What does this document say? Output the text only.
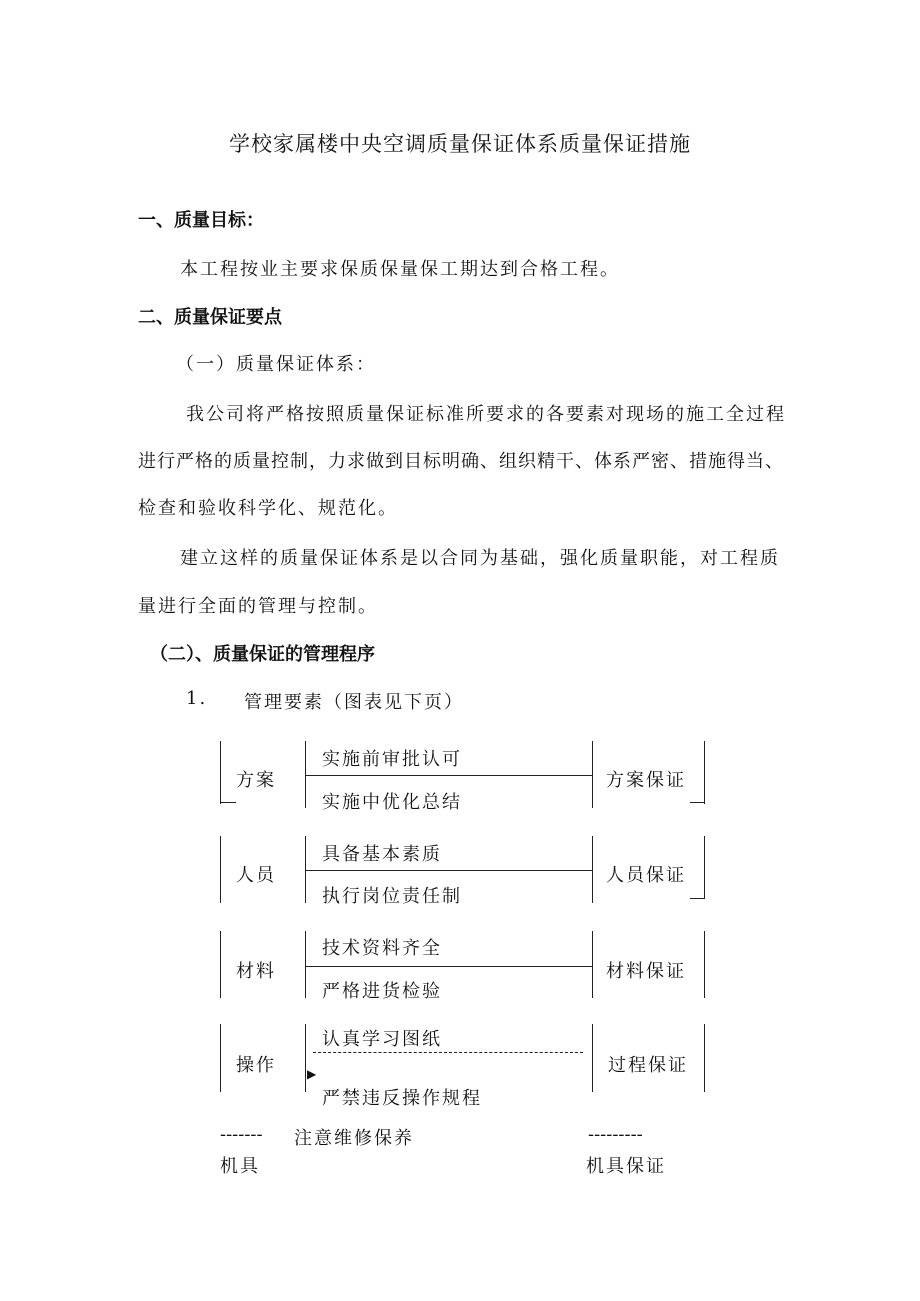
学校家属楼中央空调质量保证体系质量保证措施
一、质量目标：
本工程按业主要求保质保量保工期达到合格工程。
二、质量保证要点
（一）质量保证体系：
我公司将严格按照质量保证标准所要求的各要素对现场的施工全过程
进行严格的质量控制，力求做到目标明确、组织精干、体系严密、措施得当、
检查和验收科学化、规范化。
建立这样的质量保证体系是以合同为基础，强化质量职能，对工程质
量进行全面的管理与控制。
（二）、质量保证的管理程序
1. 管理要素（图表见下页）
方案
实施前审批认可
实施中优化总结
方案保证
人员
具备基本素质
执行岗位责任制
人员保证
材料
技术资料齐全
严格进货检验
材料保证
▶
操作
认真学习图纸
严禁违反操作规程
过程保证
------- 注意维修保养	---------
机具	机具保证
